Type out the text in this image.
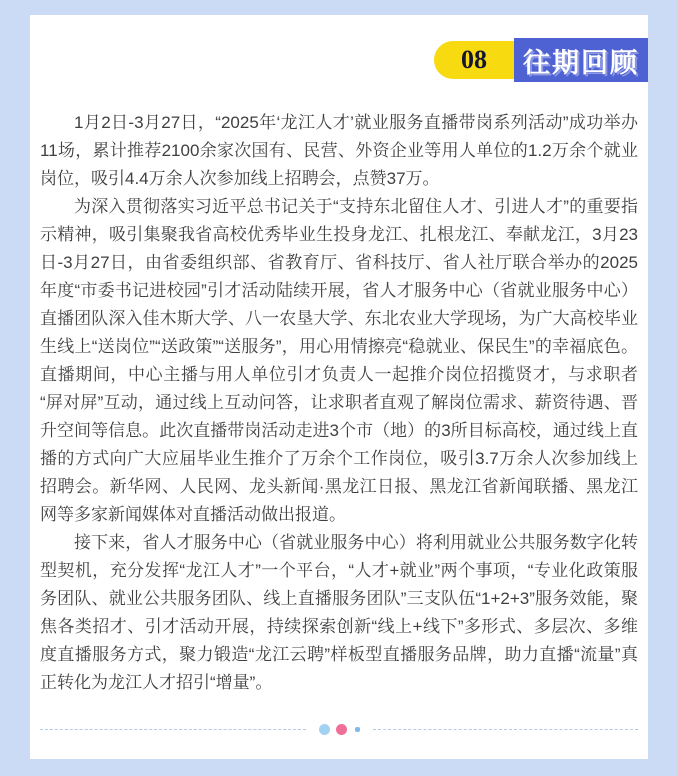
08 往期回顾

1月2日-3月27日，“2025年‘龙江人才’就业服务直播带岗系列活动”成功举办11场，累计推荐2100余家次国有、民营、外资企业等用人单位的1.2万余个就业岗位，吸引4.4万余人次参加线上招聘会，点赞37万。

为深入贯彻落实习近平总书记关于“支持东北留住人才、引进人才”的重要指示精神，吸引集聚我省高校优秀毕业生投身龙江、扎根龙江、奉献龙江，3月23日-3月27日，由省委组织部、省教育厅、省科技厅、省人社厅联合举办的2025年度“市委书记进校园”引才活动陆续开展，省人才服务中心（省就业服务中心）直播团队深入佳木斯大学、八一农垦大学、东北农业大学现场，为广大高校毕业生线上“送岗位”“送政策”“送服务”，用心用情擦亮“稳就业、保民生”的幸福底色。直播期间，中心主播与用人单位引才负责人一起推介岗位招揽贤才，与求职者“屏对屏”互动，通过线上互动问答，让求职者直观了解岗位需求、薪资待遇、晋升空间等信息。此次直播带岗活动走进3个市（地）的3所目标高校，通过线上直播的方式向广大应届毕业生推介了万余个工作岗位，吸引3.7万余人次参加线上招聘会。新华网、人民网、龙头新闻·黑龙江日报、黑龙江省新闻联播、黑龙江网等多家新闻媒体对直播活动做出报道。

接下来，省人才服务中心（省就业服务中心）将利用就业公共服务数字化转型契机，充分发挥“龙江人才”一个平台，“人才+就业”两个事项，“专业化政策服务团队、就业公共服务团队、线上直播服务团队”三支队伍“1+2+3”服务效能，聚焦各类招才、引才活动开展，持续探索创新“线上+线下”多形式、多层次、多维度直播服务方式，聚力锻造“龙江云聘”样板型直播服务品牌，助力直播“流量”真正转化为龙江人才招引“增量”。
